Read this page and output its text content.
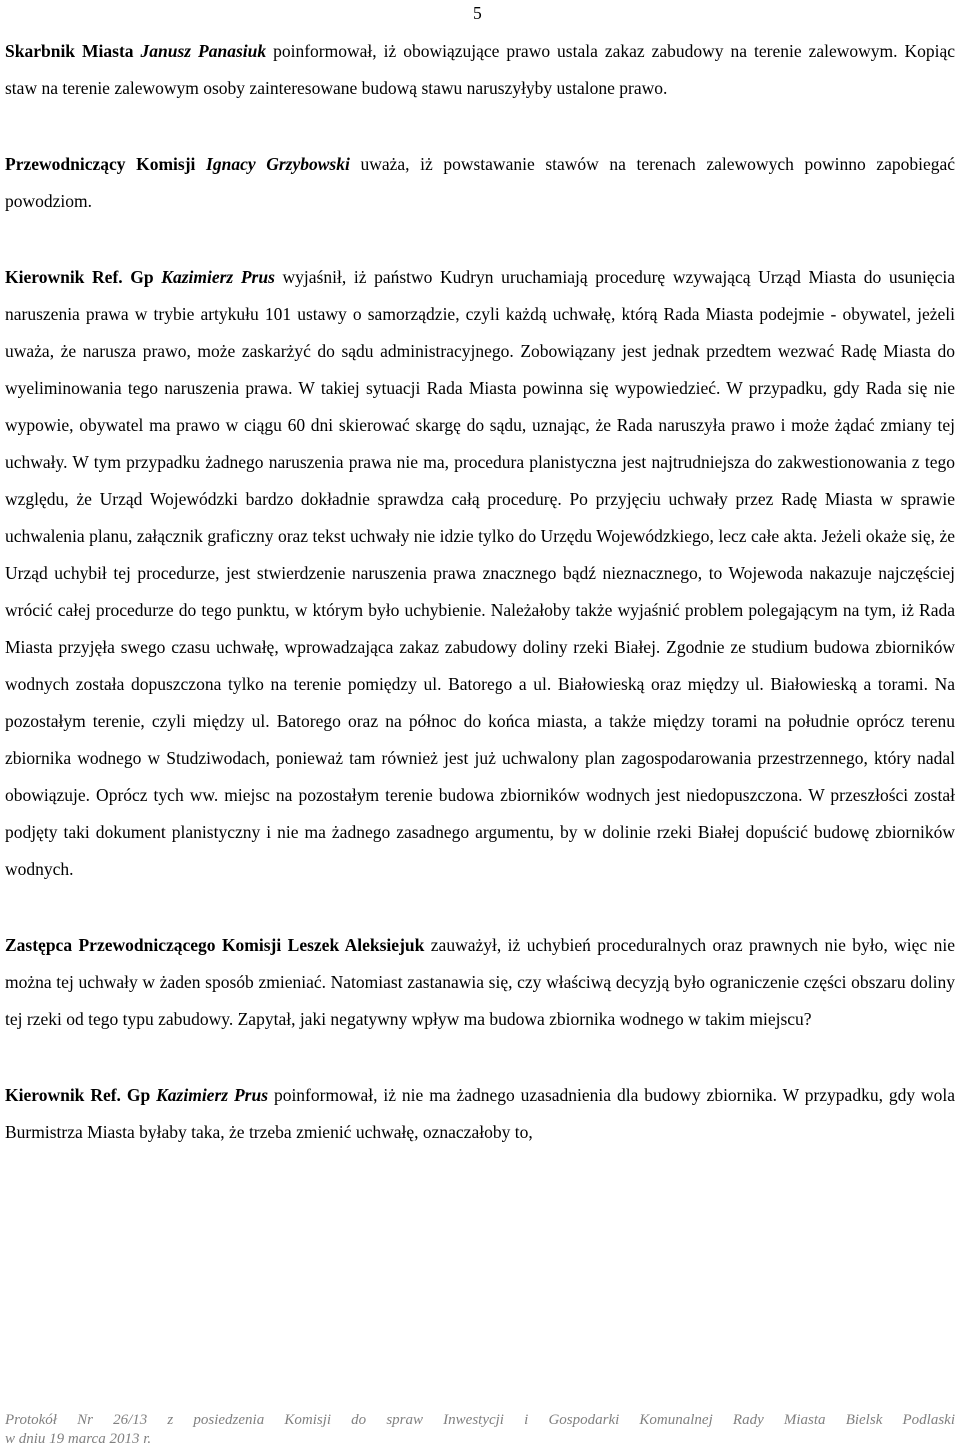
5

Skarbnik Miasta Janusz Panasiuk poinformował, iż obowiązujące prawo ustala zakaz zabudowy na terenie zalewowym. Kopiąc staw na terenie zalewowym osoby zainteresowane budową stawu naruszyłyby ustalone prawo.

Przewodniczący Komisji Ignacy Grzybowski uważa, iż powstawanie stawów na terenach zalewowych powinno zapobiegać powodziom.

Kierownik Ref. Gp Kazimierz Prus wyjaśnił, iż państwo Kudryn uruchamiają procedurę wzywającą Urząd Miasta do usunięcia naruszenia prawa w trybie artykułu 101 ustawy o samorządzie, czyli każdą uchwałę, którą Rada Miasta podejmie - obywatel, jeżeli uważa, że narusza prawo, może zaskarżyć do sądu administracyjnego. Zobowiązany jest jednak przedtem wezwać Radę Miasta do wyeliminowania tego naruszenia prawa. W takiej sytuacji Rada Miasta powinna się wypowiedzieć. W przypadku, gdy Rada się nie wypowie, obywatel ma prawo w ciągu 60 dni skierować skargę do sądu, uznając, że Rada naruszyła prawo i może żądać zmiany tej uchwały. W tym przypadku żadnego naruszenia prawa nie ma, procedura planistyczna jest najtrudniejsza do zakwestionowania z tego względu, że Urząd Wojewódzki bardzo dokładnie sprawdza całą procedurę. Po przyjęciu uchwały przez Radę Miasta w sprawie uchwalenia planu, załącznik graficzny oraz tekst uchwały nie idzie tylko do Urzędu Wojewódzkiego, lecz całe akta. Jeżeli okaże się, że Urząd uchybił tej procedurze, jest stwierdzenie naruszenia prawa znacznego bądź nieznacznego, to Wojewoda nakazuje najczęściej wrócić całej procedurze do tego punktu, w którym było uchybienie. Należałoby także wyjaśnić problem polegającym na tym, iż Rada Miasta przyjęła swego czasu uchwałę, wprowadzająca zakaz zabudowy doliny rzeki Białej. Zgodnie ze studium budowa zbiorników wodnych została dopuszczona tylko na terenie pomiędzy ul. Batorego a ul. Białowieską oraz między ul. Białowieską a torami. Na pozostałym terenie, czyli między ul. Batorego oraz na północ do końca miasta, a także między torami na południe oprócz terenu zbiornika wodnego w Studziwodach, ponieważ tam również jest już uchwalony plan zagospodarowania przestrzennego, który nadal obowiązuje. Oprócz tych ww. miejsc na pozostałym terenie budowa zbiorników wodnych jest niedopuszczona. W przeszłości został podjęty taki dokument planistyczny i nie ma żadnego zasadnego argumentu, by w dolinie rzeki Białej dopuścić budowę zbiorników wodnych.

Zastępca Przewodniczącego Komisji Leszek Aleksiejuk zauważył, iż uchybień proceduralnych oraz prawnych nie było, więc nie można tej uchwały w żaden sposób zmieniać. Natomiast zastanawia się, czy właściwą decyzją było ograniczenie części obszaru doliny tej rzeki od tego typu zabudowy. Zapytał, jaki negatywny wpływ ma budowa zbiornika wodnego w takim miejscu?

Kierownik Ref. Gp Kazimierz Prus poinformował, iż nie ma żadnego uzasadnienia dla budowy zbiornika. W przypadku, gdy wola Burmistrza Miasta byłaby taka, że trzeba zmienić uchwałę, oznaczałoby to,

Protokół Nr 26/13 z posiedzenia Komisji do spraw Inwestycji i Gospodarki Komunalnej Rady Miasta Bielsk Podlaski
w dniu 19 marca 2013 r.
